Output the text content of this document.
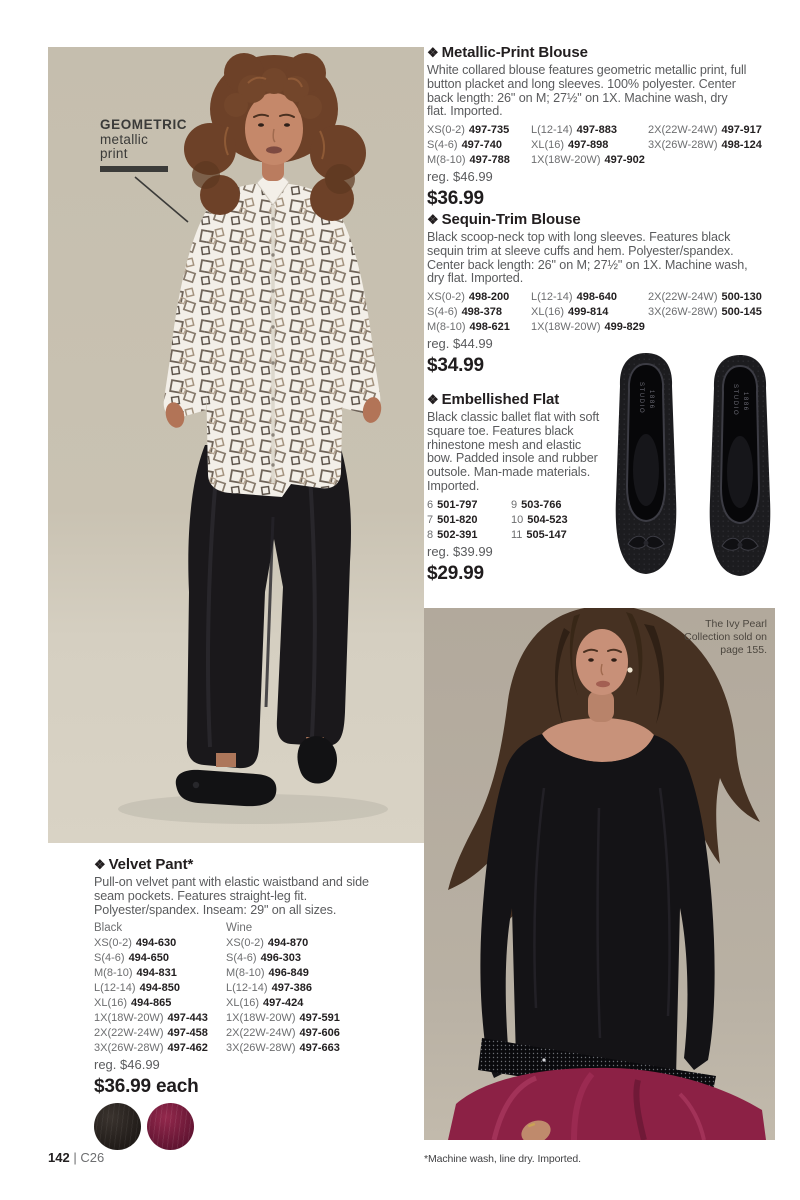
GEOMETRIC
metallic
print
❖ Metallic-Print Blouse

White collared blouse features geometric metallic print, full button placket and long sleeves. 100% polyester. Center back length: 26" on M; 27½" on 1X. Machine wash, dry flat. Imported.

XS(0-2) 497-735
S(4-6) 497-740
M(8-10) 497-788
L(12-14) 497-883
XL(16) 497-898
1X(18W-20W) 497-902
2X(22W-24W) 497-917
3X(26W-28W) 498-124
reg. $46.99
$36.99
❖ Sequin-Trim Blouse

Black scoop-neck top with long sleeves. Features black sequin trim at sleeve cuffs and hem. Polyester/spandex. Center back length: 26" on M; 27½" on 1X. Machine wash, dry flat. Imported.

XS(0-2) 498-200
S(4-6) 498-378
M(8-10) 498-621
L(12-14) 498-640
XL(16) 499-814
1X(18W-20W) 499-829
2X(22W-24W) 500-130
3X(26W-28W) 500-145
reg. $44.99
$34.99
❖ Embellished Flat

Black classic ballet flat with soft square toe. Features black rhinestone mesh and elastic bow. Padded insole and rubber outsole. Man-made materials. Imported.

6 501-797
7 501-820
8 502-391
9 503-766
10 504-523
11 505-147
reg. $39.99
$29.99
STUDIO 1886
The Ivy Pearl Collection sold on page 155.
❖ Velvet Pant*

Pull-on velvet pant with elastic waistband and side seam pockets. Features straight-leg fit. Polyester/spandex. Inseam: 29" on all sizes.

Black
XS(0-2) 494-630
S(4-6) 494-650
M(8-10) 494-831
L(12-14) 494-850
XL(16) 494-865
1X(18W-20W) 497-443
2X(22W-24W) 497-458
3X(26W-28W) 497-462
Wine
XS(0-2) 494-870
S(4-6) 496-303
M(8-10) 496-849
L(12-14) 497-386
XL(16) 497-424
1X(18W-20W) 497-591
2X(22W-24W) 497-606
3X(26W-28W) 497-663
reg. $46.99
$36.99 each
142 | C26	*Machine wash, line dry. Imported.
